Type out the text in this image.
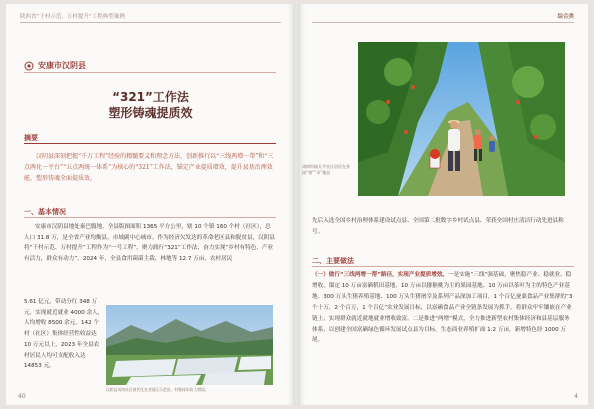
陕西省“千村示范、万村提升”工程典型案例
安康市汉阴县
“321”工作法
塑形铸魂提质效
摘要
汉阴县深刻把握“千万工程”经验的精髓要义和理念方法，创新推行以“三线两增一帮”和“三点两化一平台”“五点两统一体系”为核心的“321”工作法，锚定产业提质增效，提升县基治理效能，塑形铸魂全面提质效。
一、基本情况
安康市汉阴县地处秦巴腹地，全县版图面积 1365 平方公里，辖 10 个镇 160 个村（社区），总人口 31.8 万，是全省产业均衡县、市域副中心城市。作为经济欠发达的革命老区县和脱贫县，汉阴县将“千村示范、万村提升”工程作为“一号工程”，聚力践行“321”工作法，奋力实现“乡村有特色，产业有活力，群众有动力”。2024 年，全县食用菌菌主栽、林地等 12.7 万亩，农村居民
5.61 亿元，带动分红 348 万元，实现就近就业 4000 余人，人均增收 8500 余元。142 个村（社区）集体经营性收益达 10 万元以上，2023 年全县农村居民人均可支配收入达 14853 元。
汉阴县凤岗社区现代化农业园区示范田，村集体年收入增加。
40
综合类
漆树坝镇太平社区居民在茶园“相”“采”集品
先后入选全国乡村治理体系建设试点县、全国第二批数字乡村试点县、荣获全国村庄清洁行动先进县称号。
二、主要做法
（一）做行“三线两增一帮”路径，实现产业提质增效。一是实施“三线”强基础，聚焦稳产业、稳就业、稳增收，锚定 10 万亩富硒稻田基地、10 万亩以猕猴桃为主的果园基地、10 万亩以茶叶为主的特色产业基地、300 万头生猪养殖基地、100 万头生猪屠宰及系列产品深加工项目，1 个百亿蚕桑食品产业集群的“3 个十万，2 个百万，1 个百亿”农业发展目标，以富硒食品产业全链条发展为抓手，将群众牢牢镶嵌在产业链上，实现群众就近就地就业增收致富。二是推进“两增”模式，全力推进新型农村集体经济和县基层服务体系，以创建全国富硒绿色循环发展试点县为目标，生态商业养殖扩面 1.2 万亩，新增特色经 1000 万尾。
4
